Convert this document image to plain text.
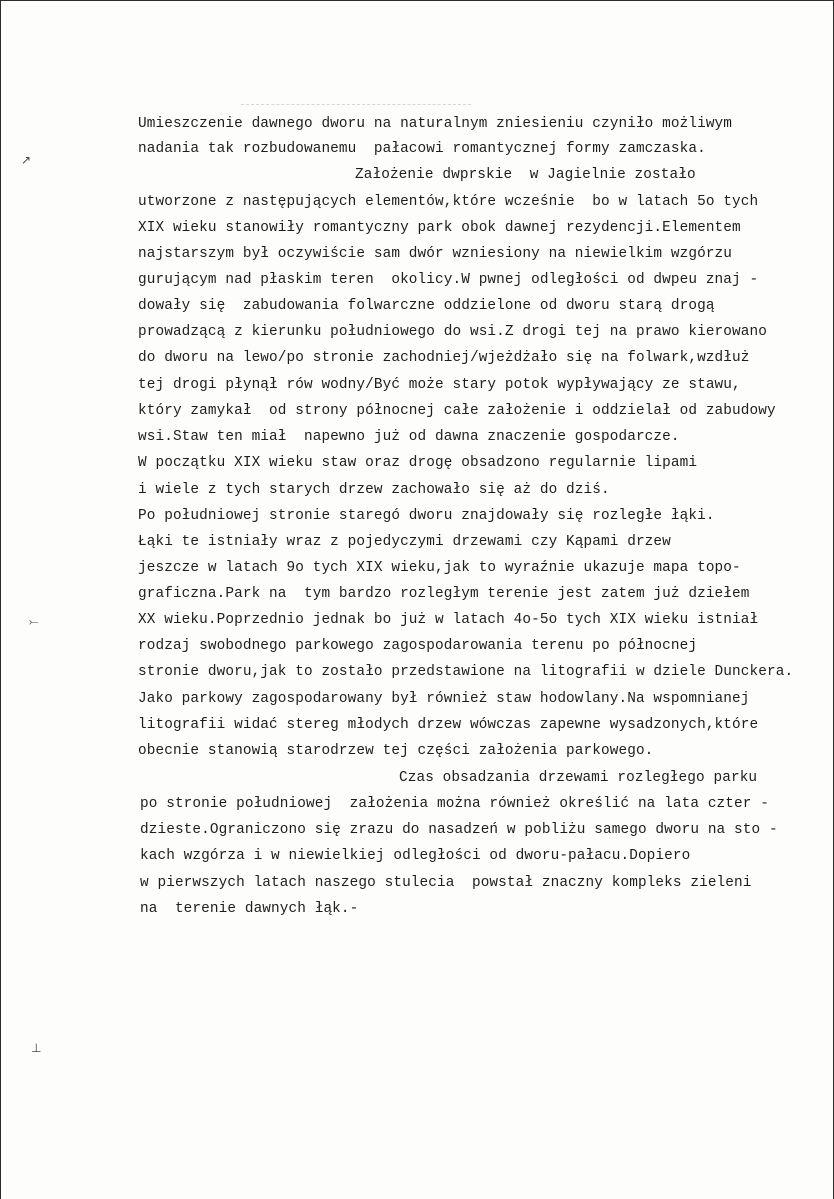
Umieszczenie dawnego dworu na naturalnym zniesieniu czyniło możliwym
nadania tak rozbudowanemu  pałacowi romantycznej formy zamczaska.
Założenie dwprskie  w Jagielnie zostało
utworzone z następujących elementów,które wcześnie  bo w latach 5o tych
XIX wieku stanowiły romantyczny park obok dawnej rezydencji.Elementem
najstarszym był oczywiście sam dwór wzniesiony na niewielkim wzgórzu
gurującym nad płaskim teren  okolicy.W pwnej odległości od dwpeu znaj -
dowały się  zabudowania folwarczne oddzielone od dworu starą drogą
prowadzącą z kierunku południowego do wsi.Z drogi tej na prawo kierowano
do dworu na lewo/po stronie zachodniej/wjeżdżało się na folwark,wzdłuż
tej drogi płynął rów wodny/Być może stary potok wypływający ze stawu,
który zamykał  od strony północnej całe założenie i oddzielał od zabudowy
wsi.Staw ten miał  napewno już od dawna znaczenie gospodarcze.
W początku XIX wieku staw oraz drogę obsadzono regularnie lipami
i wiele z tych starych drzew zachowało się aż do dziś.
Po południowej stronie staregó dworu znajdowały się rozległe łąki.
Łąki te istniały wraz z pojedyczymi drzewami czy Kąpami drzew
jeszcze w latach 9o tych XIX wieku,jak to wyraźnie ukazuje mapa topo-
graficzna.Park na  tym bardzo rozległym terenie jest zatem już dziełem
XX wieku.Poprzednio jednak bo już w latach 4o-5o tych XIX wieku istniał
rodzaj swobodnego parkowego zagospodarowania terenu po północnej
stronie dworu,jak to zostało przedstawione na litografii w dziele Dunckera.
Jako parkowy zagospodarowany był również staw hodowlany.Na wspomnianej
litografii widać stereg młodych drzew wówczas zapewne wysadzonych,które
obecnie stanowią starodrzew tej części założenia parkowego.
Czas obsadzania drzewami rozległego parku
po stronie południowej  założenia można również określić na lata czter -
dzieste.Ograniczono się zrazu do nasadzeń w pobliżu samego dworu na sto -
kach wzgórza i w niewielkiej odległości od dworu-pałacu.Dopiero
w pierwszych latach naszego stulecia  powstał znaczny kompleks zieleni
na  terenie dawnych łąk.-
↗
⤚
⊥
